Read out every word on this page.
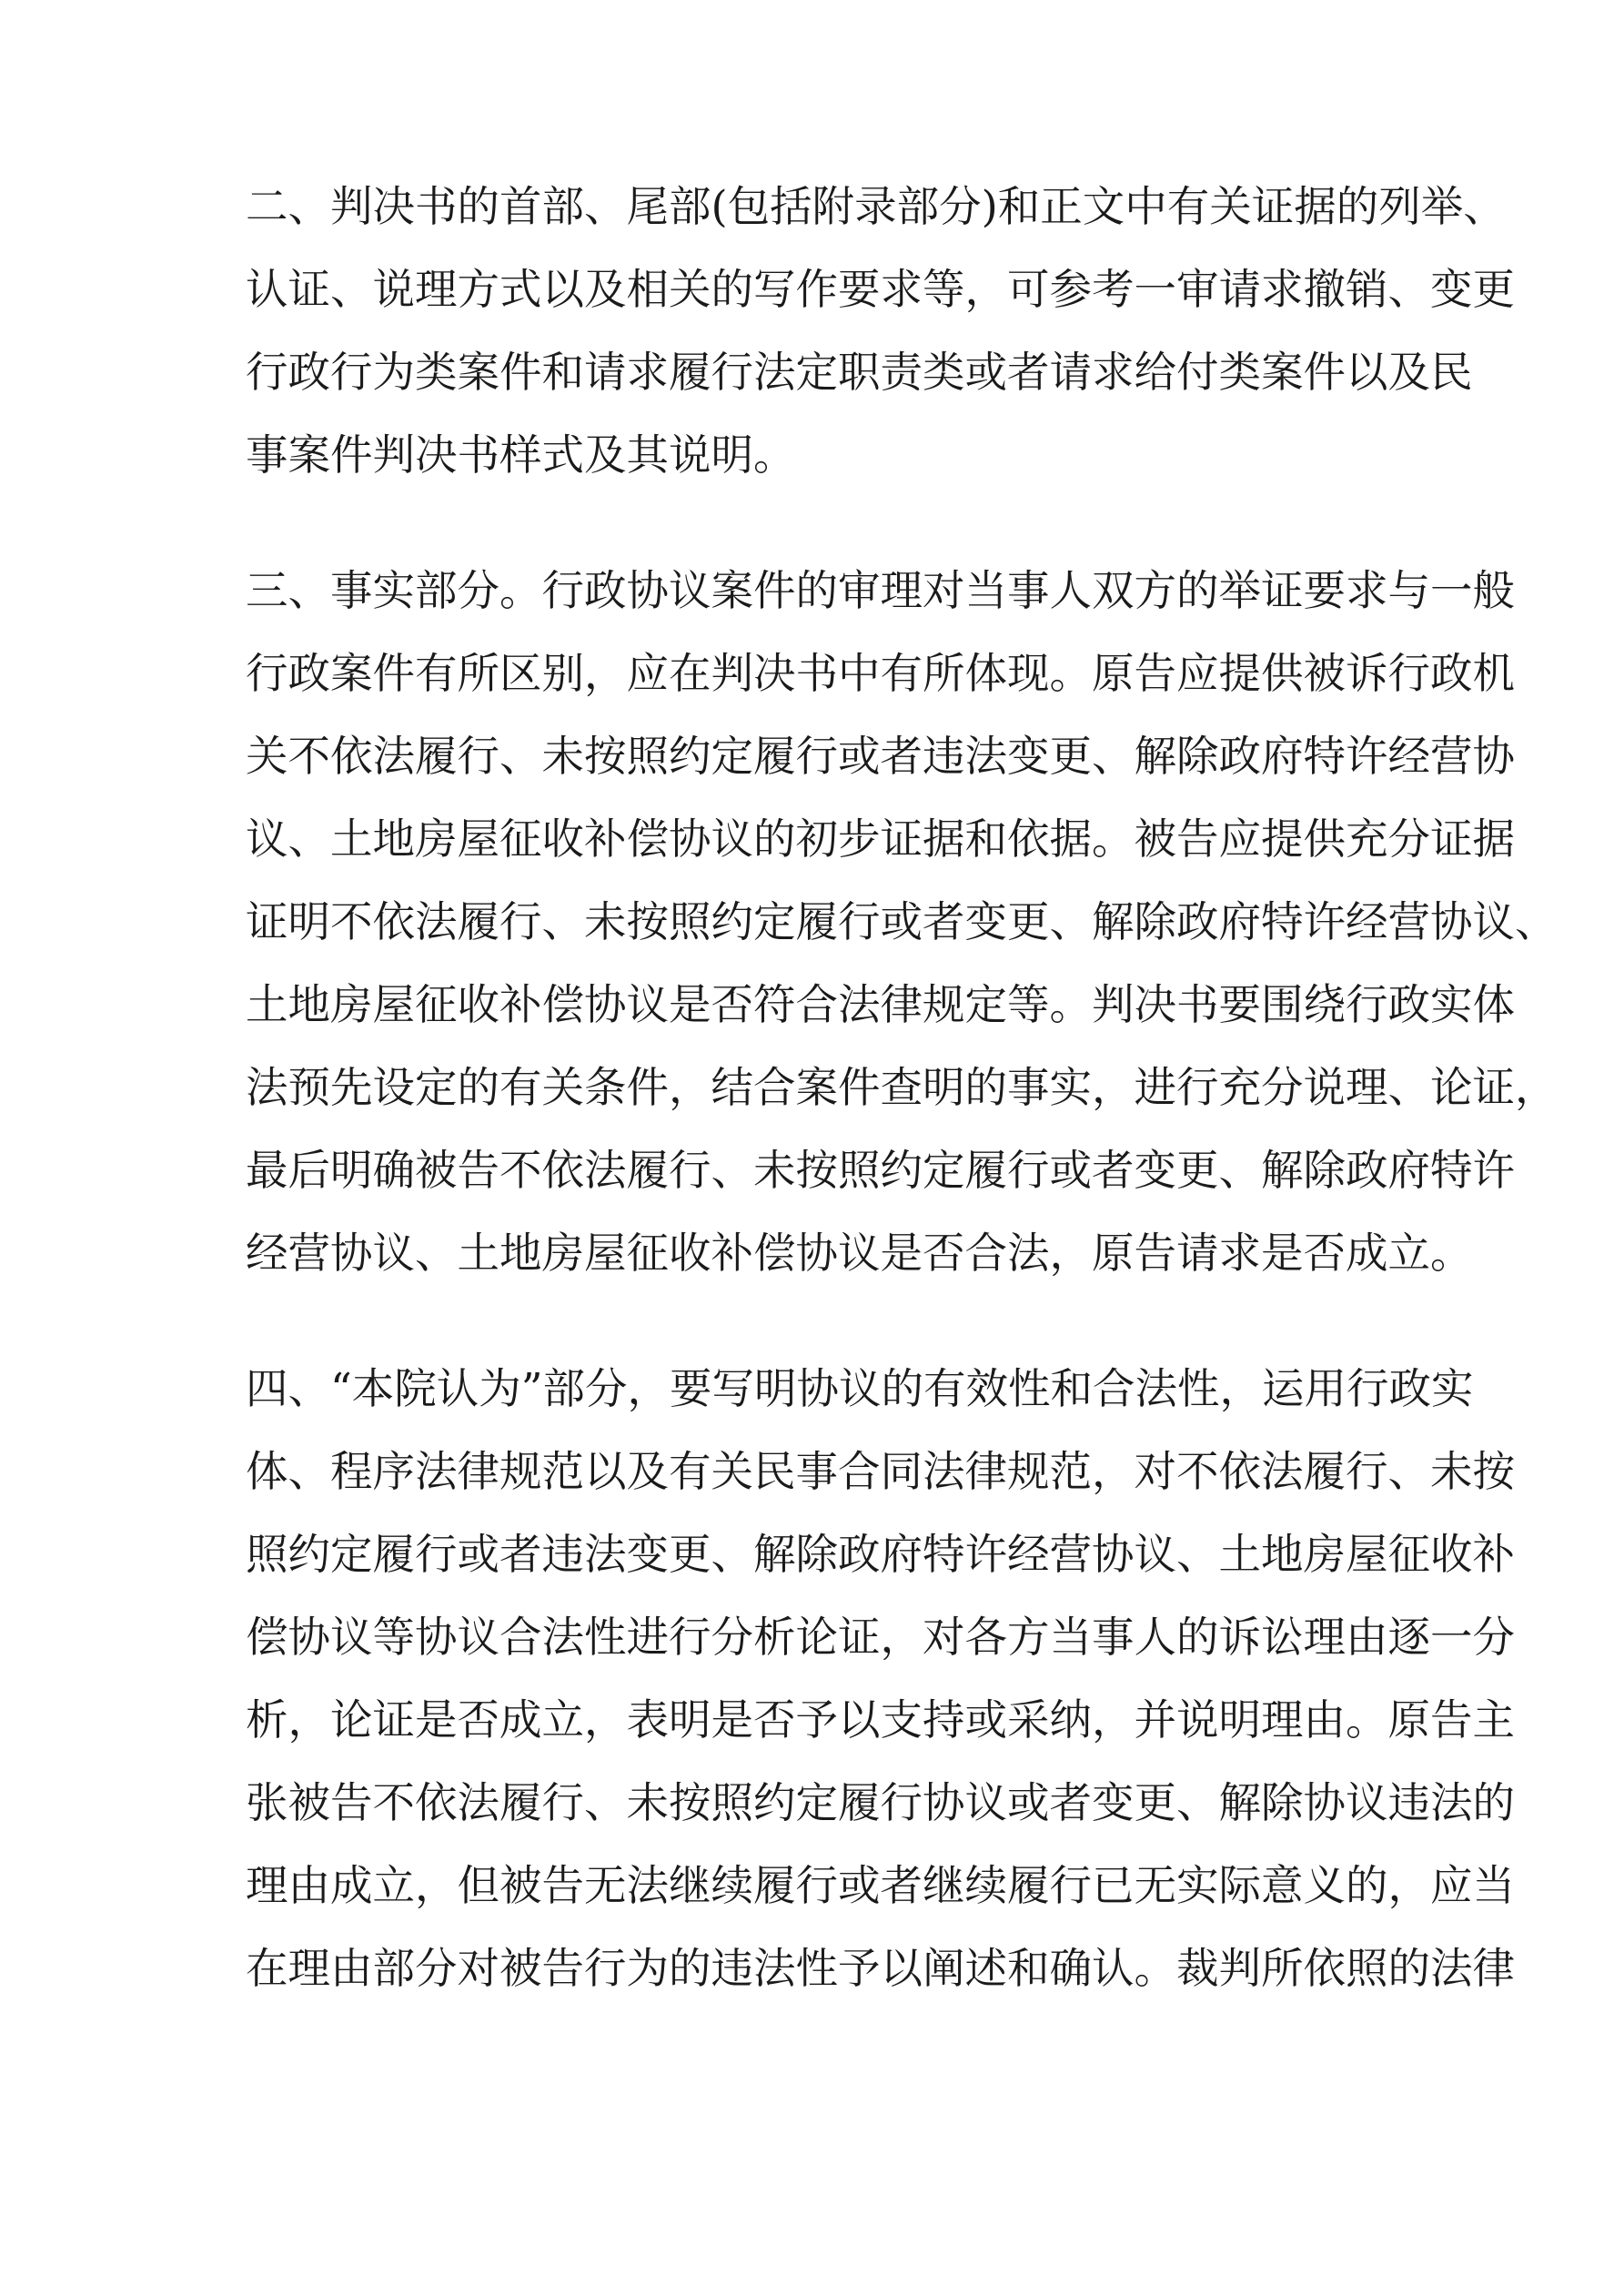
二、判决书的首部、尾部(包括附录部分)和正文中有关证据的列举、
认证、说理方式以及相关的写作要求等，可参考一审请求撤销、变更
行政行为类案件和请求履行法定职责类或者请求给付类案件以及民
事案件判决书样式及其说明。
三、事实部分。行政协议案件的审理对当事人双方的举证要求与一般
行政案件有所区别，应在判决书中有所体现。原告应提供被诉行政机
关不依法履行、未按照约定履行或者违法变更、解除政府特许经营协
议、土地房屋征收补偿协议的初步证据和依据。被告应提供充分证据
证明不依法履行、未按照约定履行或者变更、解除政府特许经营协议、
土地房屋征收补偿协议是否符合法律规定等。判决书要围绕行政实体
法预先设定的有关条件，结合案件查明的事实，进行充分说理、论证，
最后明确被告不依法履行、未按照约定履行或者变更、解除政府特许
经营协议、土地房屋征收补偿协议是否合法，原告请求是否成立。
四、“本院认为”部分，要写明协议的有效性和合法性，运用行政实
体、程序法律规范以及有关民事合同法律规范，对不依法履行、未按
照约定履行或者违法变更、解除政府特许经营协议、土地房屋征收补
偿协议等协议合法性进行分析论证，对各方当事人的诉讼理由逐一分
析，论证是否成立，表明是否予以支持或采纳，并说明理由。原告主
张被告不依法履行、未按照约定履行协议或者变更、解除协议违法的
理由成立，但被告无法继续履行或者继续履行已无实际意义的，应当
在理由部分对被告行为的违法性予以阐述和确认。裁判所依照的法律
